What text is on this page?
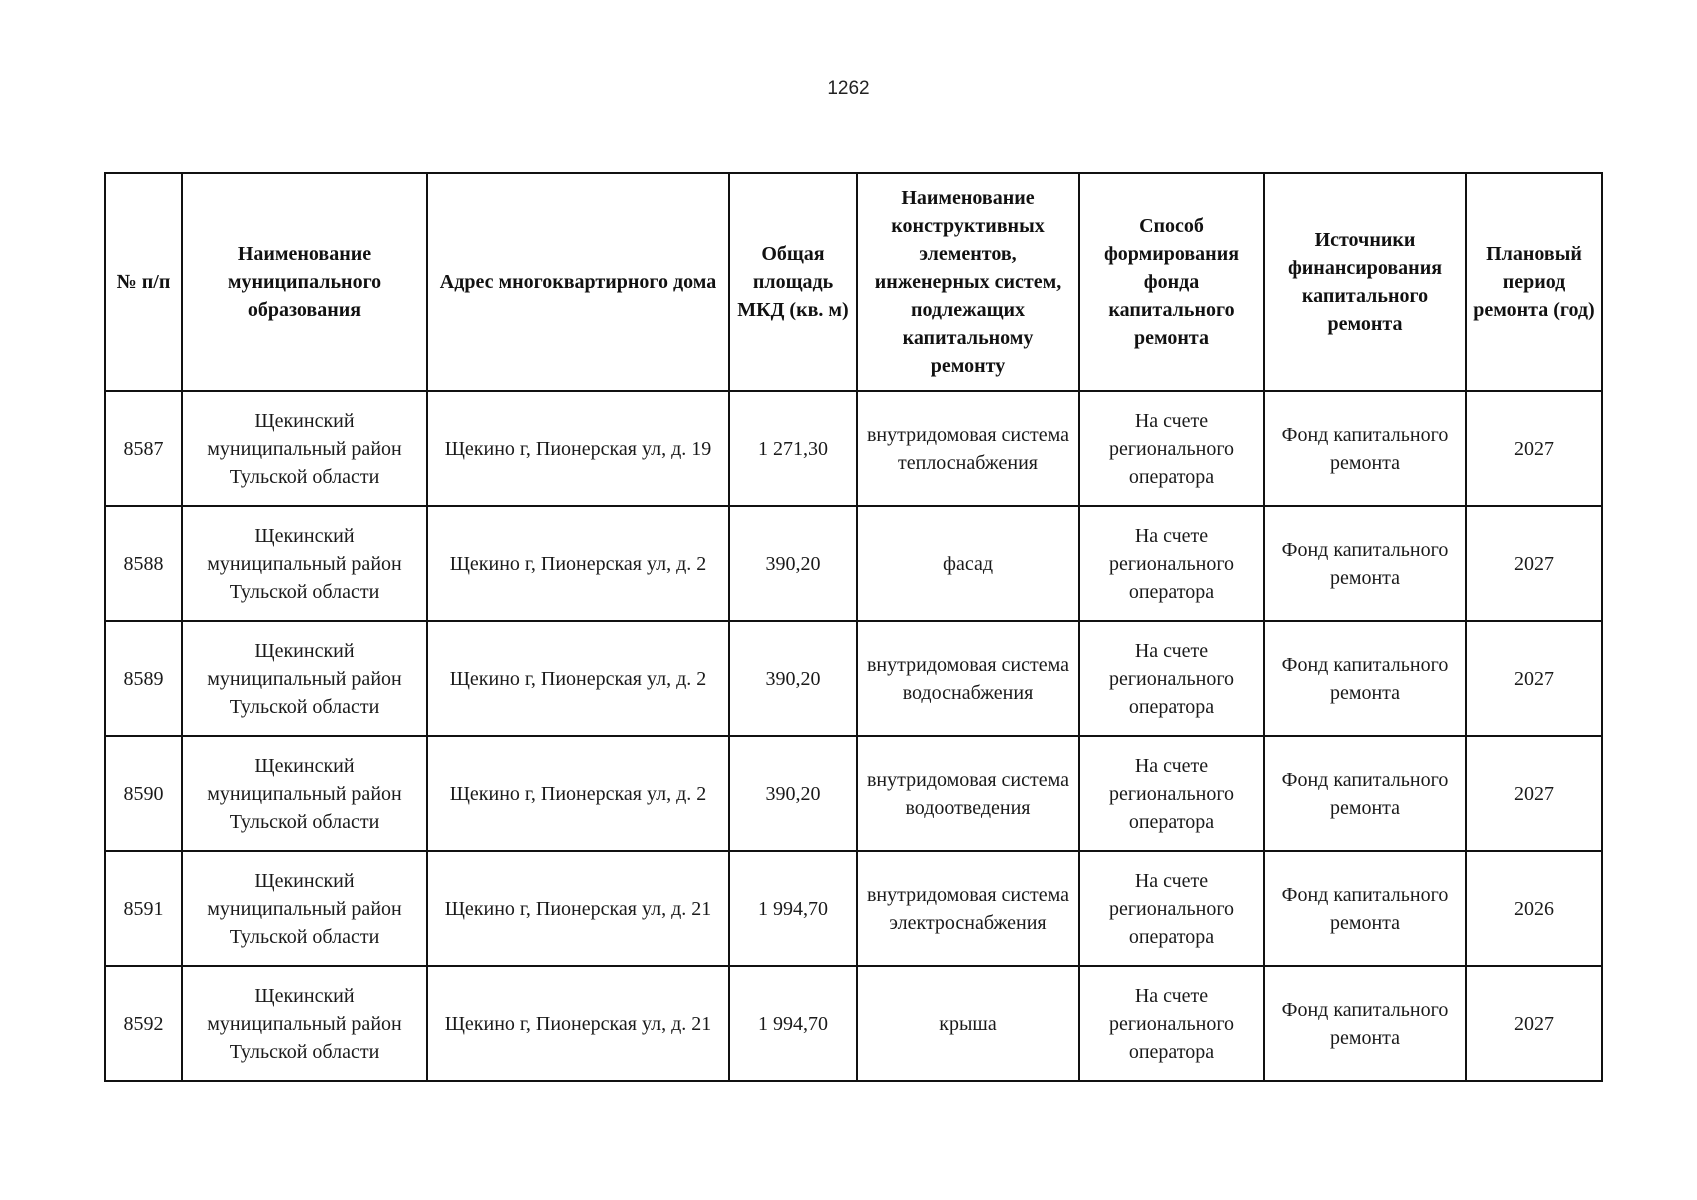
1262
№ п/п	Наименование муниципального образования	Адрес многоквартирного дома	Общая площадь МКД (кв. м)	Наименование конструктивных элементов, инженерных систем, подлежащих капитальному ремонту	Способ формирования фонда капитального ремонта	Источники финансирования капитального ремонта	Плановый период ремонта (год)
8587	Щекинский муниципальный район Тульской области	Щекино г, Пионерская ул, д. 19	1 271,30	внутридомовая система теплоснабжения	На счете регионального оператора	Фонд капитального ремонта	2027
8588	Щекинский муниципальный район Тульской области	Щекино г, Пионерская ул, д. 2	390,20	фасад	На счете регионального оператора	Фонд капитального ремонта	2027
8589	Щекинский муниципальный район Тульской области	Щекино г, Пионерская ул, д. 2	390,20	внутридомовая система водоснабжения	На счете регионального оператора	Фонд капитального ремонта	2027
8590	Щекинский муниципальный район Тульской области	Щекино г, Пионерская ул, д. 2	390,20	внутридомовая система водоотведения	На счете регионального оператора	Фонд капитального ремонта	2027
8591	Щекинский муниципальный район Тульской области	Щекино г, Пионерская ул, д. 21	1 994,70	внутридомовая система электроснабжения	На счете регионального оператора	Фонд капитального ремонта	2026
8592	Щекинский муниципальный район Тульской области	Щекино г, Пионерская ул, д. 21	1 994,70	крыша	На счете регионального оператора	Фонд капитального ремонта	2027
